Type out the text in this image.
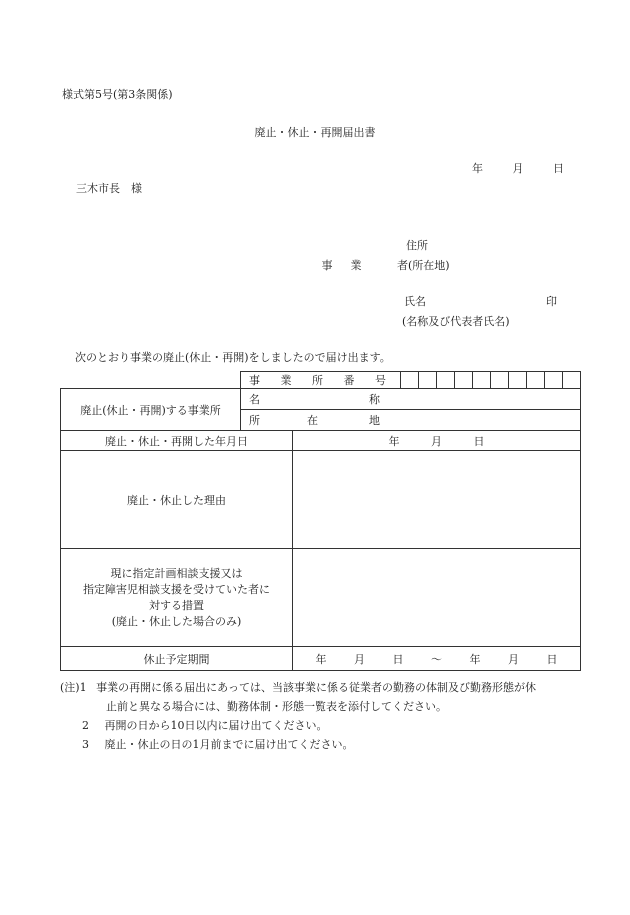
様式第5号(第3条関係)
廃止・休止・再開届出書
年	月	日
三木市長　様
住所
事 業	者(所在地)
氏名	印
(名称及び代表者氏名)
次のとおり事業の廃止(休止・再開)をしましたので届け出ます。

	事 業 所 番 号											

廃止(休止・再開)する事業所	名 称											

	所 在 地											

廃止・休止・再開した年月日		年 月 日										
廃止・休止した理由												

現に指定計画相談支援又は
指定障害児相談支援を受けていた者に
対する措置
(廃止・休止した場合のみ)												

休止予定期間		年 月 日 〜 年 月 日										
(注)1 事業の再開に係る届出にあっては、当該事業に係る従業者の勤務の体制及び勤務形態が休
止前と異なる場合には、勤務体制・形態一覧表を添付してください。
2 再開の日から10日以内に届け出てください。
3 廃止・休止の日の1月前までに届け出てください。
